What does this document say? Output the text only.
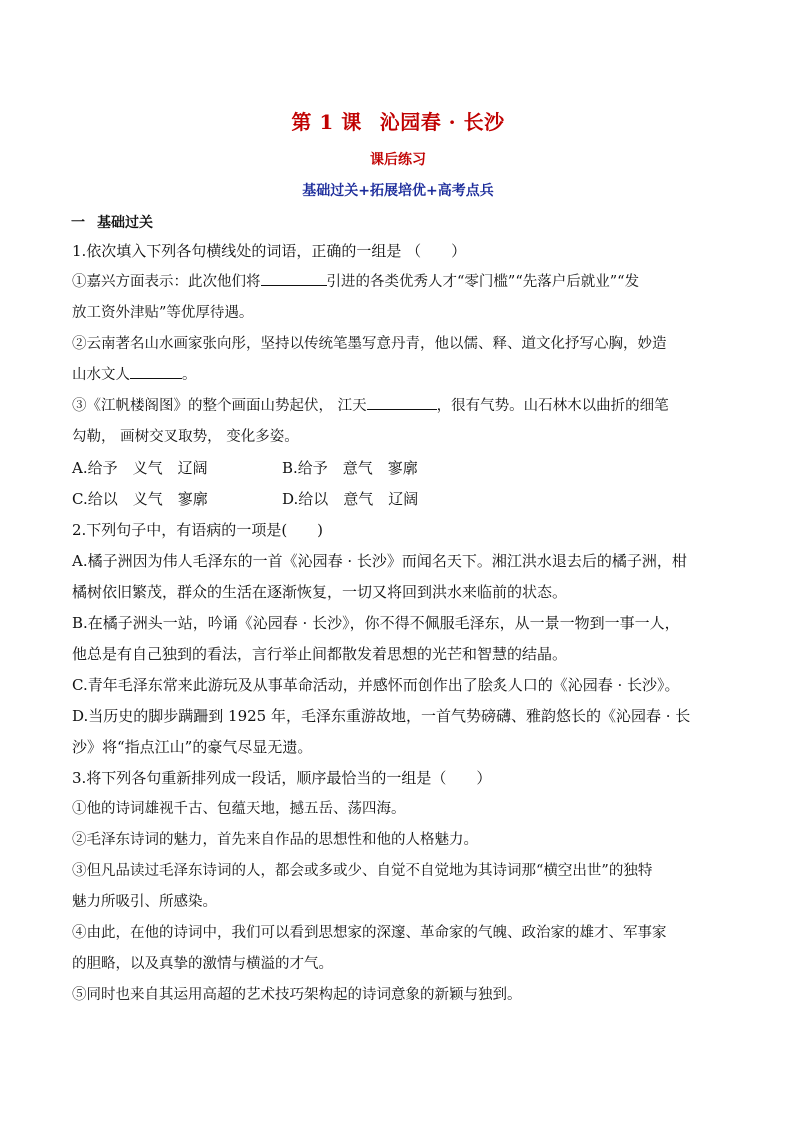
第 1 课 沁园春 · 长沙
课后练习
基础过关+拓展培优+高考点兵
一 基础过关
1.依次填入下列各句横线处的词语，正确的一组是 （　　）
①嘉兴方面表示：此次他们将	引进的各类优秀人才“零门槛”“先落户后就业”“发
放工资外津贴”等优厚待遇。
②云南著名山水画家张向彤，坚持以传统笔墨写意丹青，他以儒、释、道文化抒写心胸，妙造
山水文人	。
③《江帆楼阁图》的整个画面山势起伏， 江天	，很有气势。山石林木以曲折的细笔
勾勒， 画树交叉取势， 变化多姿。
A.给予　义气　辽阔	B.给予　意气　寥廓
C.给以　义气　寥廓	D.给以　意气　辽阔
2.下列句子中，有语病的一项是(　　)
A.橘子洲因为伟人毛泽东的一首《沁园春 · 长沙》而闻名天下。湘江洪水退去后的橘子洲，柑
橘树依旧繁茂，群众的生活在逐渐恢复，一切又将回到洪水来临前的状态。
B.在橘子洲头一站，吟诵《沁园春 · 长沙》，你不得不佩服毛泽东，从一景一物到一事一人，
他总是有自己独到的看法，言行举止间都散发着思想的光芒和智慧的结晶。
C.青年毛泽东常来此游玩及从事革命活动，并感怀而创作出了脍炙人口的《沁园春 · 长沙》。
D.当历史的脚步蹒跚到 1925 年，毛泽东重游故地，一首气势磅礴、雅韵悠长的《沁园春 · 长
沙》将“指点江山”的豪气尽显无遗。
3.将下列各句重新排列成一段话，顺序最恰当的一组是（　　）
①他的诗词雄视千古、包蕴天地，撼五岳、荡四海。
②毛泽东诗词的魅力，首先来自作品的思想性和他的人格魅力。
③但凡品读过毛泽东诗词的人，都会或多或少、自觉不自觉地为其诗词那“横空出世”的独特
魅力所吸引、所感染。
④由此，在他的诗词中，我们可以看到思想家的深邃、革命家的气魄、政治家的雄才、军事家
的胆略，以及真挚的激情与横溢的才气。
⑤同时也来自其运用高超的艺术技巧架构起的诗词意象的新颖与独到。
